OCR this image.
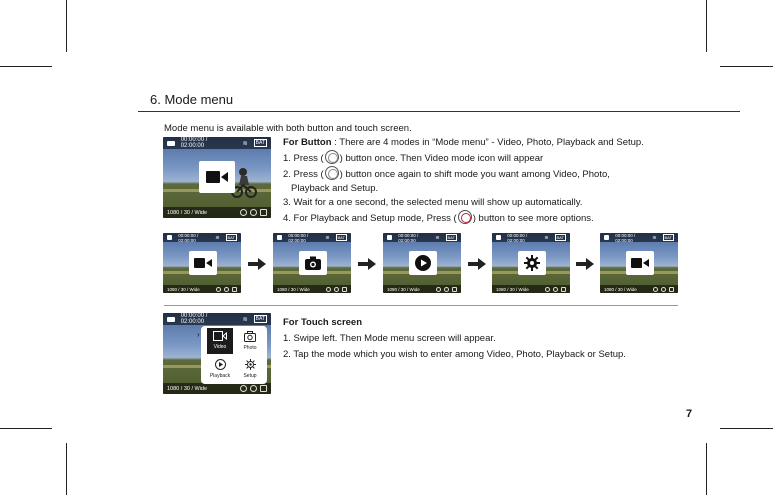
6. Mode menu
Mode menu is available with both button and touch screen.
00:00:00 / 02:00:00	≋	BAT
1080 / 30 / Wide
For Button : There are 4 modes in “Mode menu” - Video, Photo, Playback and Setup.
1. Press ( ) button once. Then Video mode icon will appear
2. Press ( ) button once again to shift mode you want among Video, Photo,
Playback and Setup.
3. Wait for a one second, the selected menu will show up automatically.
4. For Playback and Setup mode, Press ( ) button to see more options.
00:00:00 / 02:00:00	≋	BAT
1080 / 30 / Wide
00:00:00 / 02:00:00	≋	BAT
1080 / 30 / Wide
00:00:00 / 02:00:00	≋	BAT
1080 / 30 / Wide
00:00:00 / 02:00:00	≋	BAT
1080 / 30 / Wide
00:00:00 / 02:00:00	≋	BAT
1080 / 30 / Wide
00:00:00 / 02:00:00	≋	BAT
1080 / 30 / Wide
›
Video	Photo
Playback	Setup
For Touch screen
1. Swipe left. Then Mode menu screen will appear.
2. Tap the mode which you wish to enter among Video, Photo, Playback or Setup.
7
